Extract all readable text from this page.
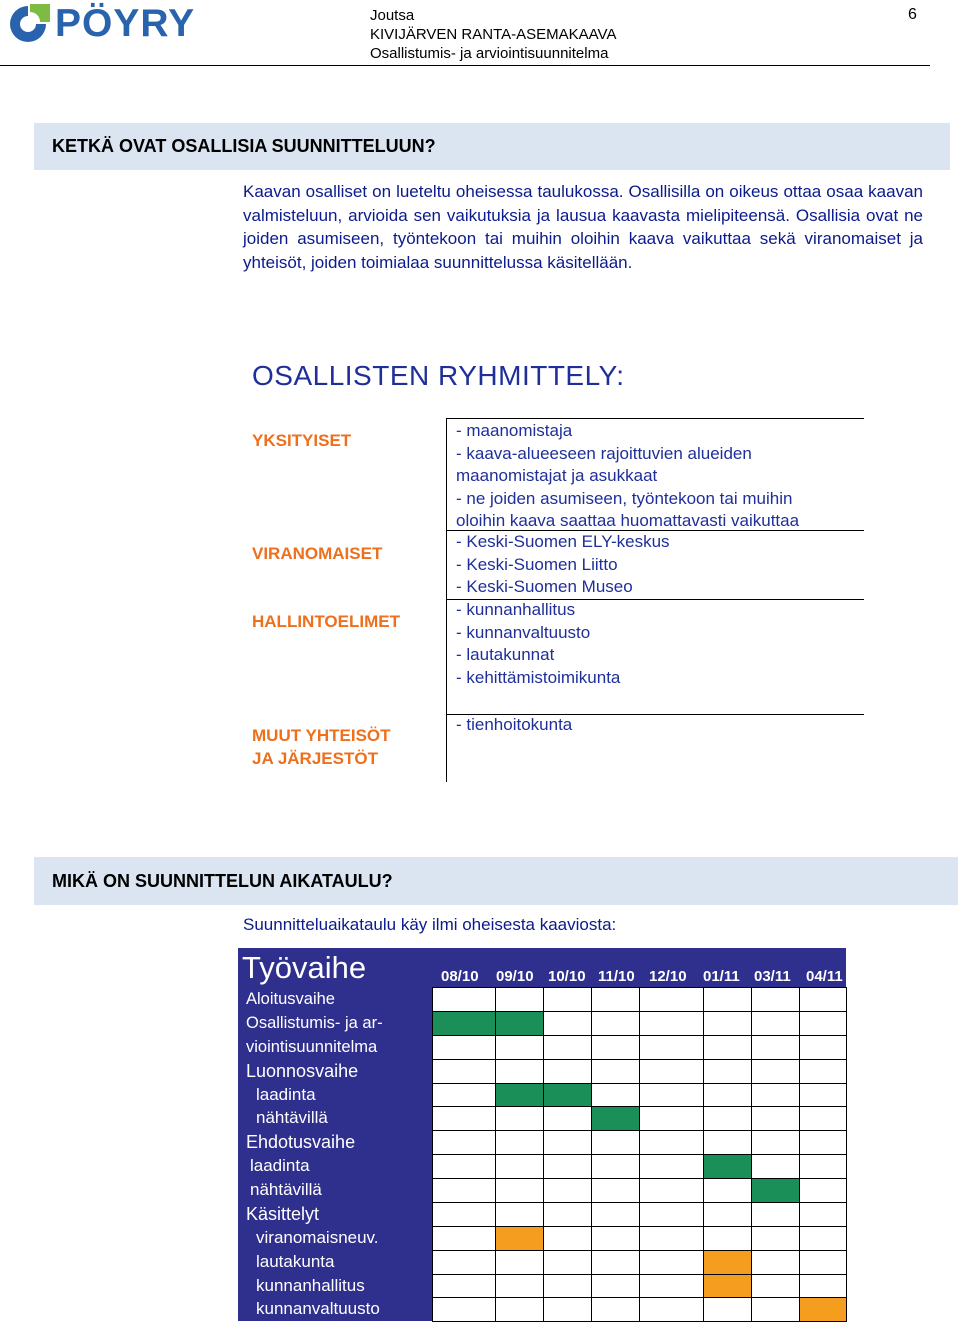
PÖYRY	Joutsa
KIVIJÄRVEN RANTA-ASEMAKAAVA
Osallistumis- ja arviointisuunnitelma
6
KETKÄ OVAT OSALLISIA SUUNNITTELUUN?

Kaavan osalliset on lueteltu oheisessa taulukossa. Osallisilla on oikeus ottaa osaa kaavan valmisteluun, arvioida sen vaikutuksia ja lausua kaavasta mielipiteensä. Osallisia ovat ne joiden asumiseen, työntekoon tai muihin oloihin kaava vaikuttaa sekä viranomaiset ja yhteisöt, joiden toimialaa suunnittelussa käsitellään.

OSALLISTEN RYHMITTELY:
YKSITYISET
- maanomistaja
- kaava-alueeseen rajoittuvien alueiden
maanomistajat ja asukkaat
- ne joiden asumiseen, työntekoon tai muihin
oloihin kaava saattaa huomattavasti vaikuttaa
VIRANOMAISET
- Keski-Suomen ELY-keskus
- Keski-Suomen Liitto
- Keski-Suomen Museo
HALLINTOELIMET
- kunnanhallitus
- kunnanvaltuusto
- lautakunnat
- kehittämistoimikunta
MUUT YHTEISÖT
JA JÄRJESTÖT
- tienhoitokunta
MIKÄ ON SUUNNITTELUN AIKATAULU?
Suunnitteluaikataulu käy ilmi oheisesta kaaviosta:
Työvaihe	08/10 09/10 10/10 11/10 12/10 01/11 03/11 04/11
Aloitusvaihe
Osallistumis- ja ar-
viointisuunnitelma
Luonnosvaihe
laadinta
nähtävillä
Ehdotusvaihe
laadinta
nähtävillä
Käsittelyt
viranomaisneuv.
lautakunta
kunnanhallitus
kunnanvaltuusto
